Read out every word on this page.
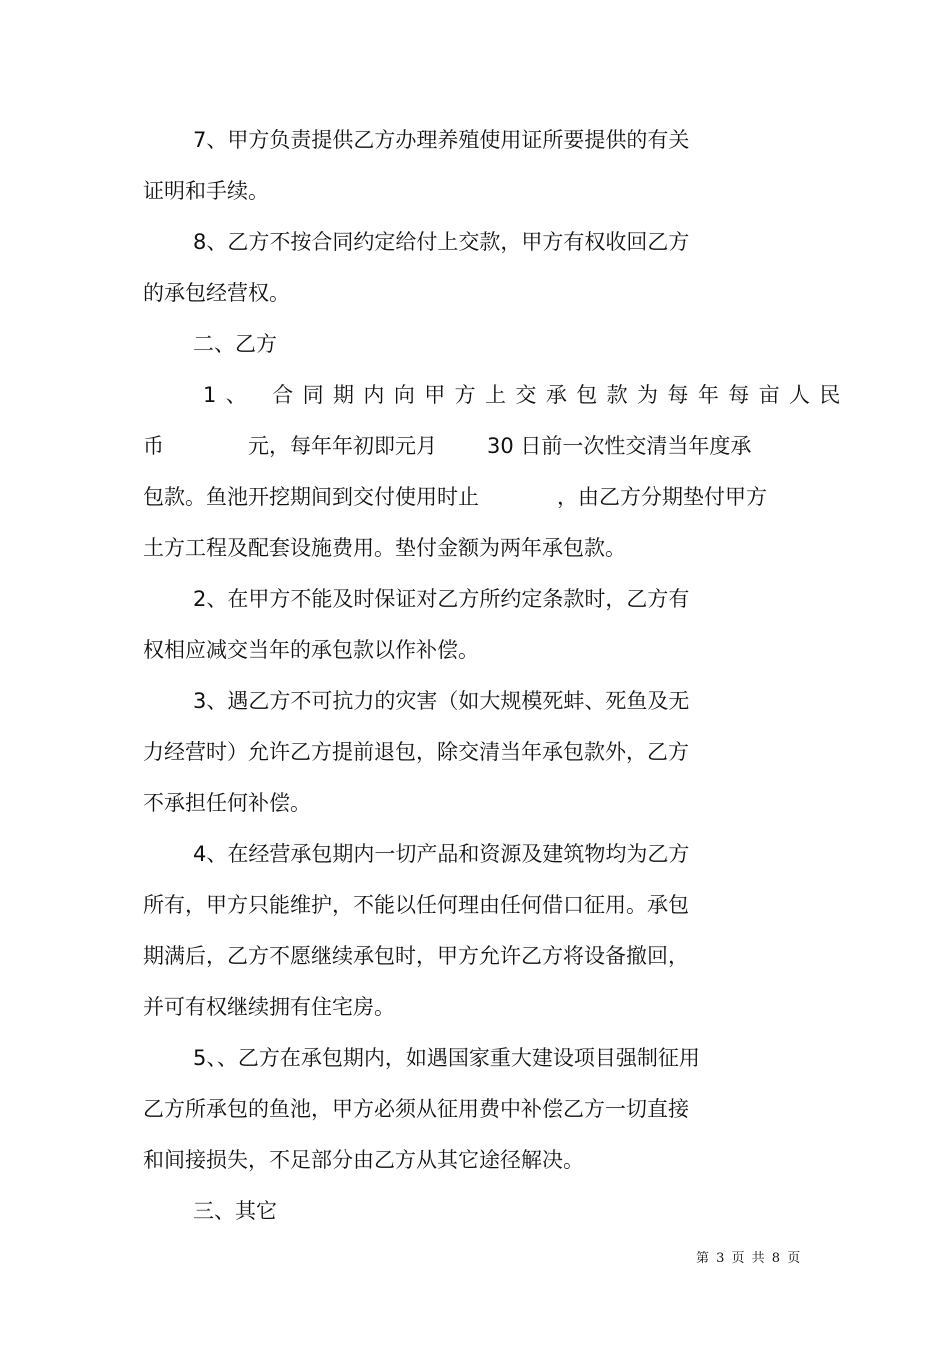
7、甲方负责提供乙方办理养殖使用证所要提供的有关

证明和手续。

8、乙方不按合同约定给付上交款，甲方有权收回乙方

的承包经营权。

二、乙方

1、 合同期内向甲方上交承包款为每年每亩人民

币	元，每年年初即元月 30 日前一次性交清当年度承

包款。鱼池开挖期间到交付使用时止	，由乙方分期垫付甲方

土方工程及配套设施费用。垫付金额为两年承包款。

2、在甲方不能及时保证对乙方所约定条款时，乙方有

权相应减交当年的承包款以作补偿。

3、遇乙方不可抗力的灾害（如大规模死蚌、死鱼及无

力经营时）允许乙方提前退包，除交清当年承包款外，乙方

不承担任何补偿。

4、在经营承包期内一切产品和资源及建筑物均为乙方

所有，甲方只能维护，不能以任何理由任何借口征用。承包

期满后，乙方不愿继续承包时，甲方允许乙方将设备撤回，

并可有权继续拥有住宅房。

5、、乙方在承包期内，如遇国家重大建设项目强制征用

乙方所承包的鱼池，甲方必须从征用费中补偿乙方一切直接

和间接损失，不足部分由乙方从其它途径解决。

三、其它

第 3 页 共 8 页
